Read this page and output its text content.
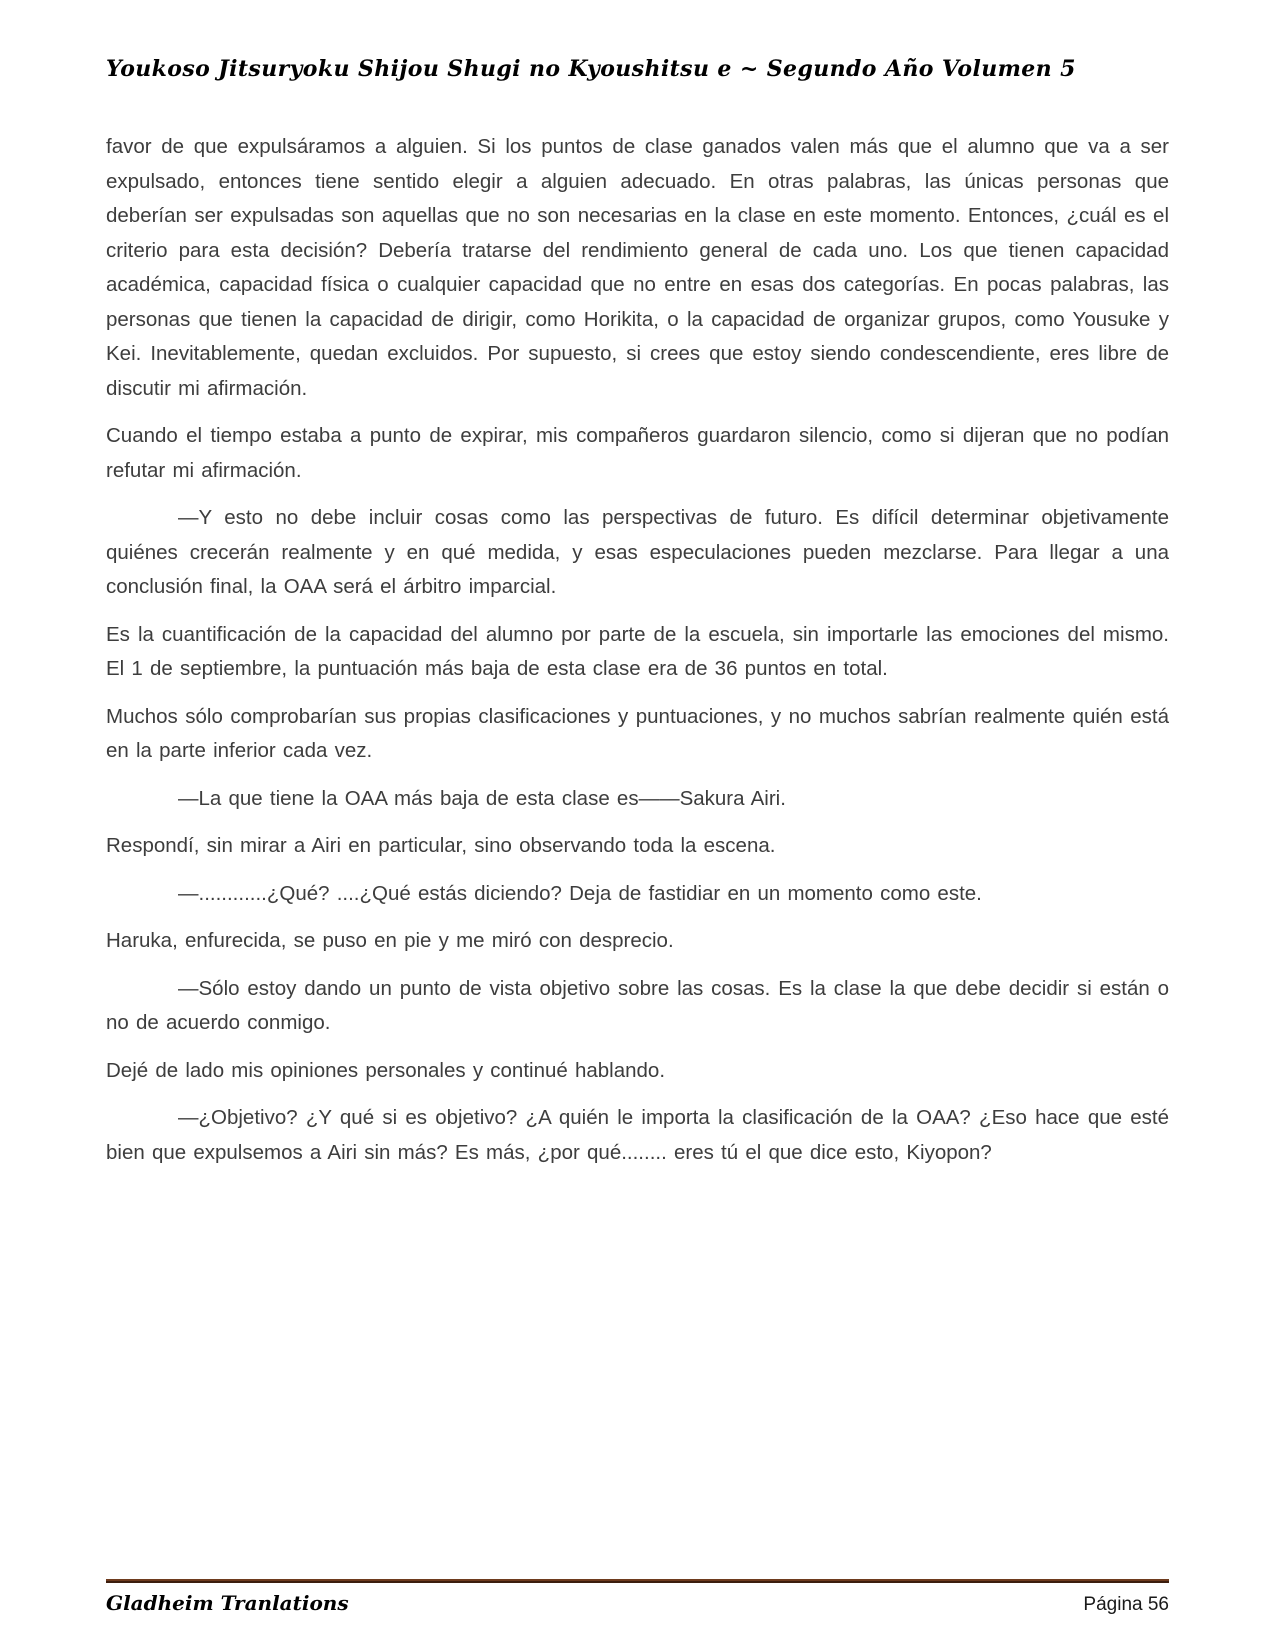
Youkoso Jitsuryoku Shijou Shugi no Kyoushitsu e ~ Segundo Año Volumen 5

favor de que expulsáramos a alguien. Si los puntos de clase ganados valen más que el alumno que va a ser expulsado, entonces tiene sentido elegir a alguien adecuado. En otras palabras, las únicas personas que deberían ser expulsadas son aquellas que no son necesarias en la clase en este momento. Entonces, ¿cuál es el criterio para esta decisión? Debería tratarse del rendimiento general de cada uno. Los que tienen capacidad académica, capacidad física o cualquier capacidad que no entre en esas dos categorías. En pocas palabras, las personas que tienen la capacidad de dirigir, como Horikita, o la capacidad de organizar grupos, como Yousuke y Kei. Inevitablemente, quedan excluidos. Por supuesto, si crees que estoy siendo condescendiente, eres libre de discutir mi afirmación.

Cuando el tiempo estaba a punto de expirar, mis compañeros guardaron silencio, como si dijeran que no podían refutar mi afirmación.

—Y esto no debe incluir cosas como las perspectivas de futuro. Es difícil determinar objetivamente quiénes crecerán realmente y en qué medida, y esas especulaciones pueden mezclarse. Para llegar a una conclusión final, la OAA será el árbitro imparcial.

Es la cuantificación de la capacidad del alumno por parte de la escuela, sin importarle las emociones del mismo. El 1 de septiembre, la puntuación más baja de esta clase era de 36 puntos en total.

Muchos sólo comprobarían sus propias clasificaciones y puntuaciones, y no muchos sabrían realmente quién está en la parte inferior cada vez.

—La que tiene la OAA más baja de esta clase es——Sakura Airi.

Respondí, sin mirar a Airi en particular, sino observando toda la escena.

—............¿Qué? ....¿Qué estás diciendo? Deja de fastidiar en un momento como este.

Haruka, enfurecida, se puso en pie y me miró con desprecio.

—Sólo estoy dando un punto de vista objetivo sobre las cosas. Es la clase la que debe decidir si están o no de acuerdo conmigo.

Dejé de lado mis opiniones personales y continué hablando.

—¿Objetivo? ¿Y qué si es objetivo? ¿A quién le importa la clasificación de la OAA? ¿Eso hace que esté bien que expulsemos a Airi sin más? Es más, ¿por qué........ eres tú el que dice esto, Kiyopon?

Gladheim Tranlations	Página 56
